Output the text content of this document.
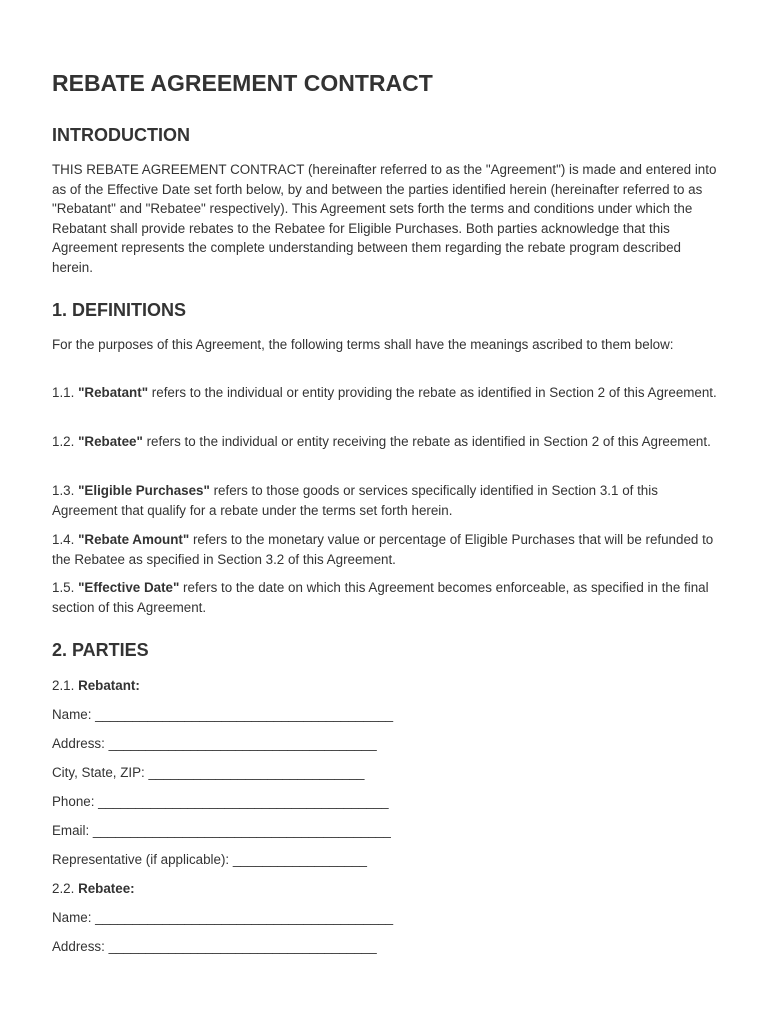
REBATE AGREEMENT CONTRACT
INTRODUCTION

THIS REBATE AGREEMENT CONTRACT (hereinafter referred to as the "Agreement") is made and entered into as of the Effective Date set forth below, by and between the parties identified herein (hereinafter referred to as "Rebatant" and "Rebatee" respectively). This Agreement sets forth the terms and conditions under which the Rebatant shall provide rebates to the Rebatee for Eligible Purchases. Both parties acknowledge that this Agreement represents the complete understanding between them regarding the rebate program described herein.

1. DEFINITIONS

For the purposes of this Agreement, the following terms shall have the meanings ascribed to them below:

1.1. "Rebatant" refers to the individual or entity providing the rebate as identified in Section 2 of this Agreement.

1.2. "Rebatee" refers to the individual or entity receiving the rebate as identified in Section 2 of this Agreement.

1.3. "Eligible Purchases" refers to those goods or services specifically identified in Section 3.1 of this Agreement that qualify for a rebate under the terms set forth herein.

1.4. "Rebate Amount" refers to the monetary value or percentage of Eligible Purchases that will be refunded to the Rebatee as specified in Section 3.2 of this Agreement.

1.5. "Effective Date" refers to the date on which this Agreement becomes enforceable, as specified in the final section of this Agreement.

2. PARTIES

2.1. Rebatant:

Name: ________________________________________

Address: ____________________________________

City, State, ZIP: _____________________________

Phone: _______________________________________

Email: ________________________________________

Representative (if applicable): __________________

2.2. Rebatee:

Name: ________________________________________

Address: ____________________________________
